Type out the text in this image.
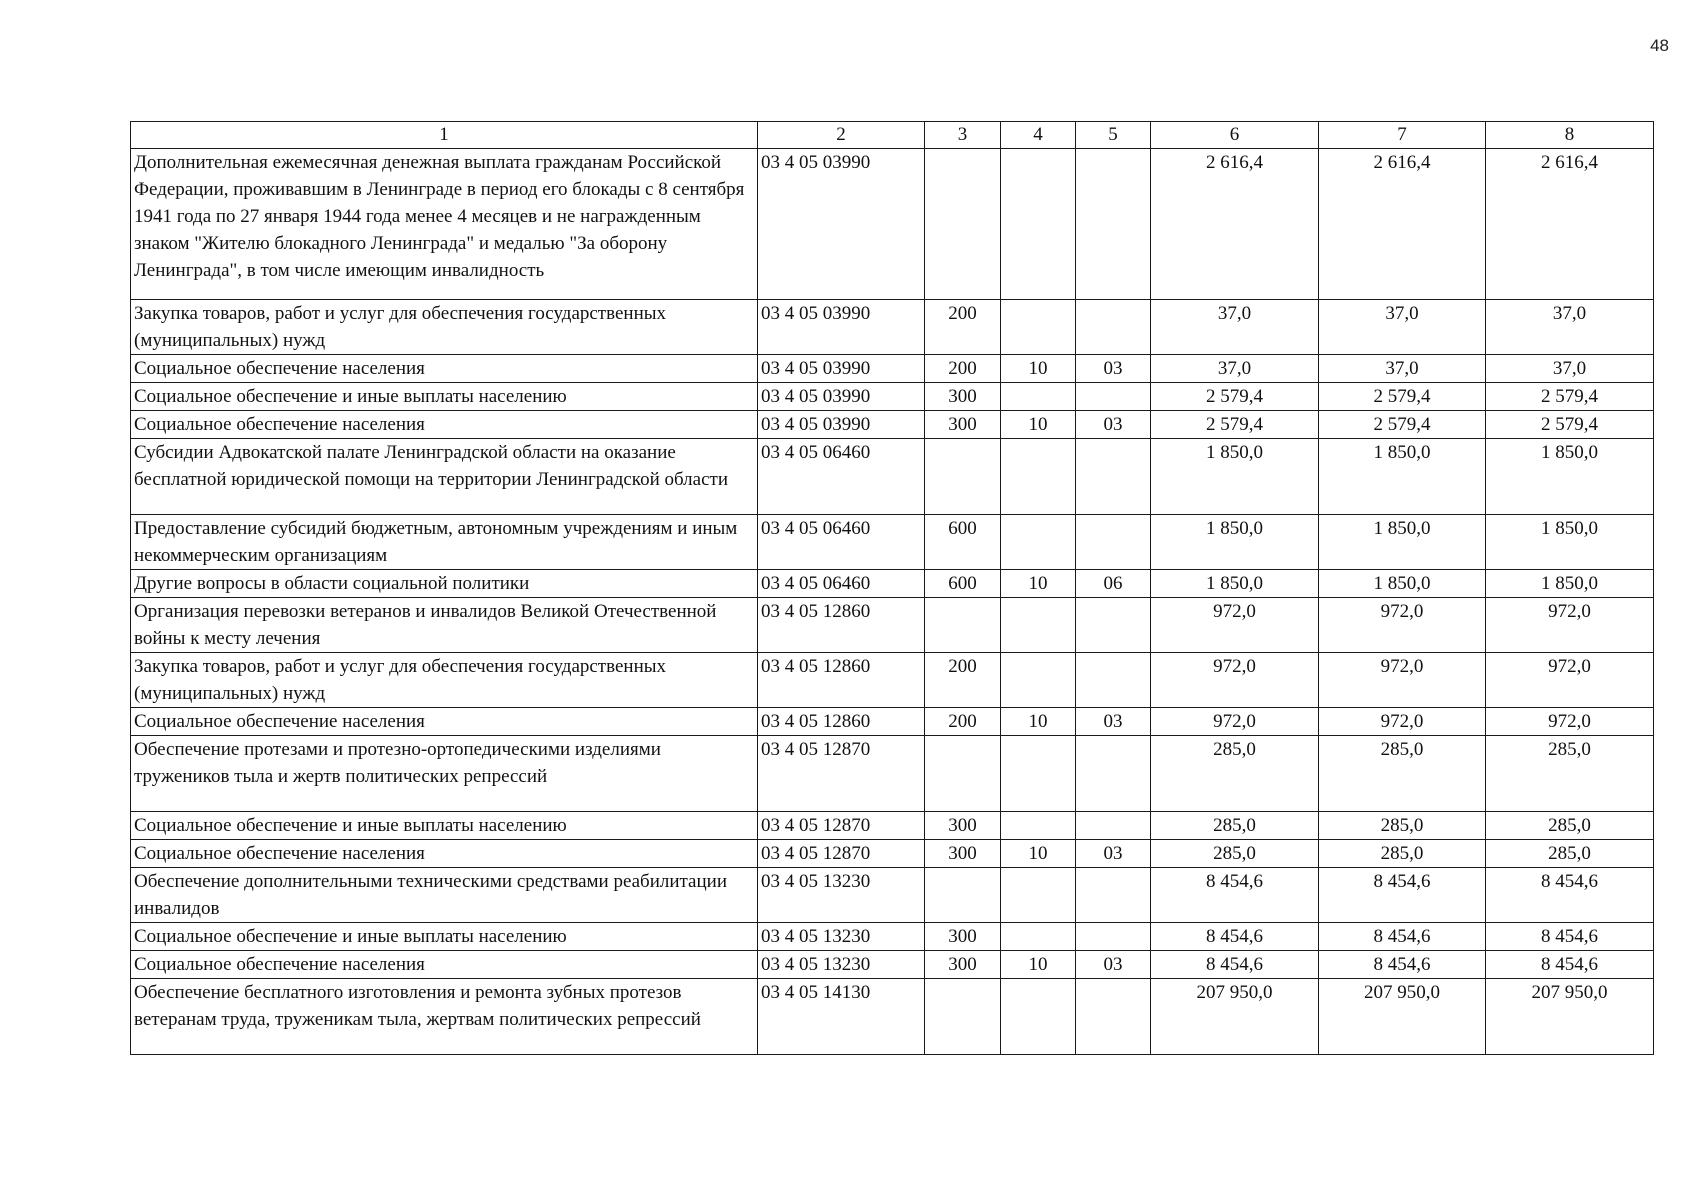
48
1	2	3	4	5	6	7	8
Дополнительная ежемесячная денежная выплата гражданам Российской Федерации, проживавшим в Ленинграде в период его блокады с 8 сентября 1941 года по 27 января 1944 года менее 4 месяцев и не награжденным знаком "Жителю блокадного Ленинграда" и медалью "За оборону Ленинграда", в том числе имеющим инвалидность	03 4 05 03990				2 616,4	2 616,4	2 616,4
Закупка товаров, работ и услуг для обеспечения государственных (муниципальных) нужд	03 4 05 03990	200			37,0	37,0	37,0
Социальное обеспечение населения	03 4 05 03990	200	10	03	37,0	37,0	37,0
Социальное обеспечение и иные выплаты населению	03 4 05 03990	300			2 579,4	2 579,4	2 579,4
Социальное обеспечение населения	03 4 05 03990	300	10	03	2 579,4	2 579,4	2 579,4
Субсидии Адвокатской палате Ленинградской области на оказание бесплатной юридической помощи на территории Ленинградской области	03 4 05 06460				1 850,0	1 850,0	1 850,0
Предоставление субсидий бюджетным, автономным учреждениям и иным некоммерческим организациям	03 4 05 06460	600			1 850,0	1 850,0	1 850,0
Другие вопросы в области социальной политики	03 4 05 06460	600	10	06	1 850,0	1 850,0	1 850,0
Организация перевозки ветеранов и инвалидов Великой Отечественной войны к месту лечения	03 4 05 12860				972,0	972,0	972,0
Закупка товаров, работ и услуг для обеспечения государственных (муниципальных) нужд	03 4 05 12860	200			972,0	972,0	972,0
Социальное обеспечение населения	03 4 05 12860	200	10	03	972,0	972,0	972,0
Обеспечение протезами и протезно-ортопедическими изделиями тружеников тыла и жертв политических репрессий	03 4 05 12870				285,0	285,0	285,0
Социальное обеспечение и иные выплаты населению	03 4 05 12870	300			285,0	285,0	285,0
Социальное обеспечение населения	03 4 05 12870	300	10	03	285,0	285,0	285,0
Обеспечение дополнительными техническими средствами реабилитации инвалидов	03 4 05 13230				8 454,6	8 454,6	8 454,6
Социальное обеспечение и иные выплаты населению	03 4 05 13230	300			8 454,6	8 454,6	8 454,6
Социальное обеспечение населения	03 4 05 13230	300	10	03	8 454,6	8 454,6	8 454,6
Обеспечение бесплатного изготовления и ремонта зубных протезов ветеранам труда, труженикам тыла, жертвам политических репрессий	03 4 05 14130				207 950,0	207 950,0	207 950,0
